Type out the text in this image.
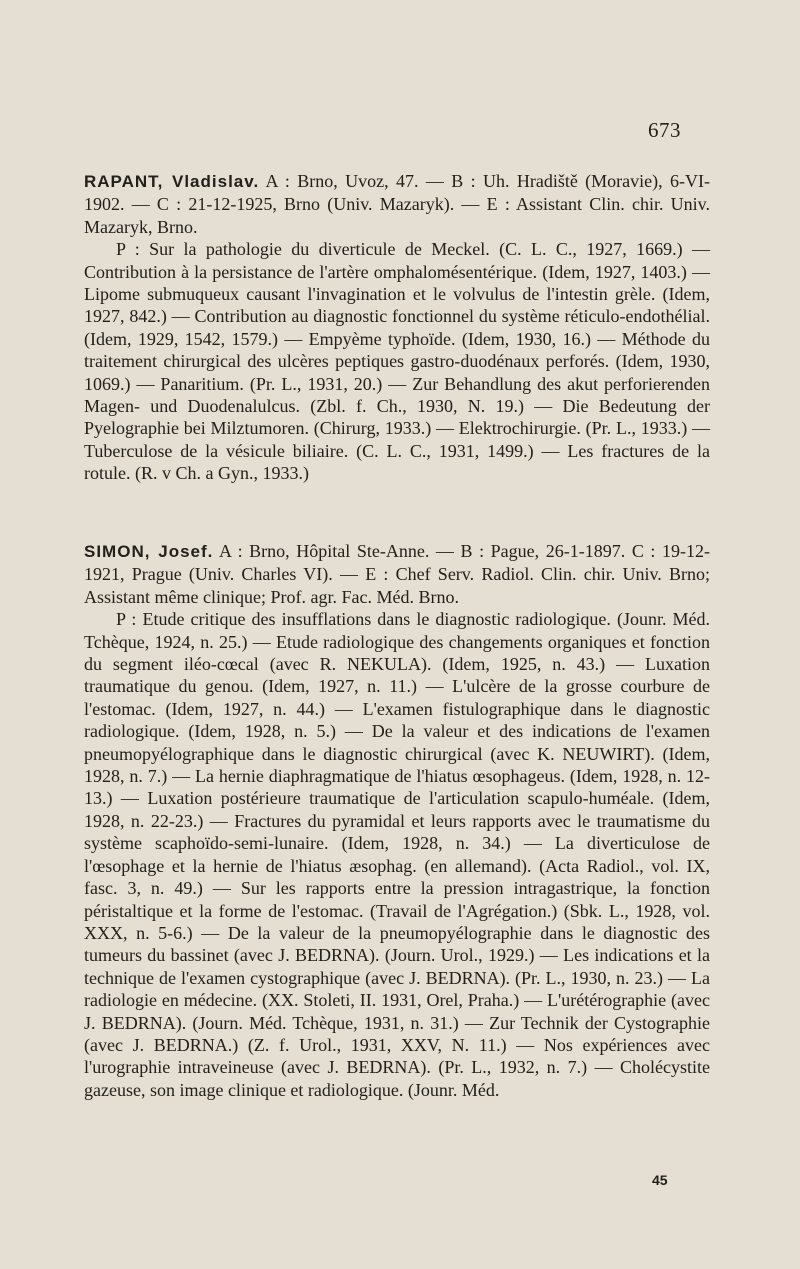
673

RAPANT, Vladislav. A : Brno, Uvoz, 47. — B : Uh. Hradiště (Moravie), 6-VI-1902. — C : 21-12-1925, Brno (Univ. Mazaryk). — E : Assistant Clin. chir. Univ. Mazaryk, Brno.

P : Sur la pathologie du diverticule de Meckel. (C. L. C., 1927, 1669.) — Contribution à la persistance de l'artère omphalomésentérique. (Idem, 1927, 1403.) — Lipome submuqueux causant l'invagination et le volvulus de l'intestin grèle. (Idem, 1927, 842.) — Contribution au diagnostic fonctionnel du système réticulo-endothélial. (Idem, 1929, 1542, 1579.) — Empyème typhoïde. (Idem, 1930, 16.) — Méthode du traitement chirurgical des ulcères peptiques gastro-duodénaux perforés. (Idem, 1930, 1069.) — Panaritium. (Pr. L., 1931, 20.) — Zur Behandlung des akut perforierenden Magen- und Duodenalulcus. (Zbl. f. Ch., 1930, N. 19.) — Die Bedeutung der Pyelographie bei Milztumoren. (Chirurg, 1933.) — Elektrochirurgie. (Pr. L., 1933.) — Tuberculose de la vésicule biliaire. (C. L. C., 1931, 1499.) — Les fractures de la rotule. (R. v Ch. a Gyn., 1933.)

SIMON, Josef. A : Brno, Hôpital Ste-Anne. — B : Pague, 26-1-1897. C : 19-12-1921, Prague (Univ. Charles VI). — E : Chef Serv. Radiol. Clin. chir. Univ. Brno; Assistant même clinique; Prof. agr. Fac. Méd. Brno.

P : Etude critique des insufflations dans le diagnostic radiologique. (Jounr. Méd. Tchèque, 1924, n. 25.) — Etude radiologique des changements organiques et fonction du segment iléo-cœcal (avec R. NEKULA). (Idem, 1925, n. 43.) — Luxation traumatique du genou. (Idem, 1927, n. 11.) — L'ulcère de la grosse courbure de l'estomac. (Idem, 1927, n. 44.) — L'examen fistulographique dans le diagnostic radiologique. (Idem, 1928, n. 5.) — De la valeur et des indications de l'examen pneumopyélographique dans le diagnostic chirurgical (avec K. NEUWIRT). (Idem, 1928, n. 7.) — La hernie diaphragmatique de l'hiatus œsophageus. (Idem, 1928, n. 12-13.) — Luxation postérieure traumatique de l'articulation scapulo-huméale. (Idem, 1928, n. 22-23.) — Fractures du pyramidal et leurs rapports avec le traumatisme du système scaphoïdo-semi-lunaire. (Idem, 1928, n. 34.) — La diverticulose de l'œsophage et la hernie de l'hiatus æsophag. (en allemand). (Acta Radiol., vol. IX, fasc. 3, n. 49.) — Sur les rapports entre la pression intragastrique, la fonction péristaltique et la forme de l'estomac. (Travail de l'Agrégation.) (Sbk. L., 1928, vol. XXX, n. 5-6.) — De la valeur de la pneumopyélographie dans le diagnostic des tumeurs du bassinet (avec J. BEDRNA). (Journ. Urol., 1929.) — Les indications et la technique de l'examen cystographique (avec J. BEDRNA). (Pr. L., 1930, n. 23.) — La radiologie en médecine. (XX. Stoleti, II. 1931, Orel, Praha.) — L'urétérographie (avec J. BEDRNA). (Journ. Méd. Tchèque, 1931, n. 31.) — Zur Technik der Cystographie (avec J. BEDRNA.) (Z. f. Urol., 1931, XXV, N. 11.) — Nos expériences avec l'urographie intraveineuse (avec J. BEDRNA). (Pr. L., 1932, n. 7.) — Cholécystite gazeuse, son image clinique et radiologique. (Jounr. Méd.

45
